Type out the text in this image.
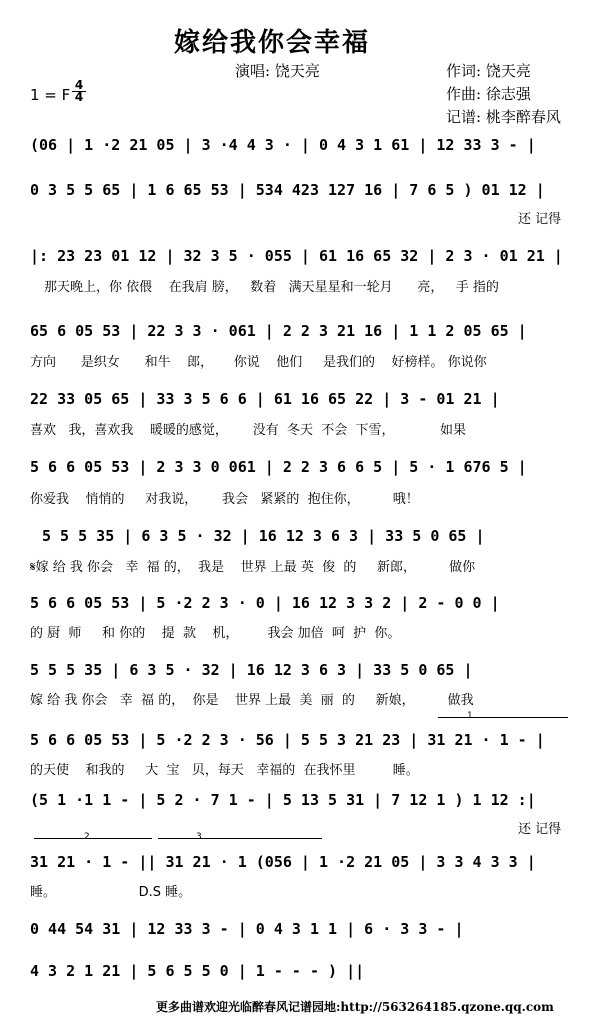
嫁给我你会幸福
演唱: 饶天亮	作词: 饶天亮
作曲: 徐志强
记谱: 桃李醉春风
1 = F $\frac{4}{4}$
(06 | 1 ·2 21 05 | 3 ·4 4 3 · | 0 4 3 1 61 | 12 33 3 - |
0 3 5 5 65 | 1 6 65 53 | 534 423 127 16 | 7 6 5 ) 01 12 |
还 记得
|: 23 23 01 12 | 32 3 5 · 055 | 61 16 65 32 | 2 3 · 01 21 |
那天晚上，你 依偎    在我肩 膀，   数着   满天星星和一轮月      亮，   手 指的
65 6 05 53 | 22 3 3 · 061 | 2 2 3 21 16 | 1 1 2 05 65 |
方向      是织女      和牛    郎，     你说    他们     是我们的    好榜样。 你说你
22 33 05 65 | 33 3 5 6 6 | 61 16 65 22 | 3 - 01 21 |
喜欢   我，喜欢我    暖暖的感觉，      没有  冬天  不会  下雪，           如果
5 6 6 05 53 | 2 3 3 0 061 | 2 2 3 6 6 5 | 5 · 1 676 5 |
你爱我    悄悄的     对我说，      我会   紧紧的  抱住你，        哦！
5 5 5 35 | 6 3 5 · 32 | 16 12 3 6 3 | 33 5 0 65 |
𝄋嫁 给 我 你会   幸  福 的，  我是    世界 上最 英  俊  的     新郎，        做你
5 6 6 05 53 | 5 ·2 2 3 · 0 | 16 12 3 3 2 | 2 - 0 0 |
的 厨  师     和 你的    提  款    机，       我会 加倍  呵  护  你。
5 5 5 35 | 6 3 5 · 32 | 16 12 3 6 3 | 33 5 0 65 |
嫁 给 我 你会   幸  福 的，  你是    世界 上最  美  丽  的     新娘，        做我
5 6 6 05 53 | 5 ·2 2 3 · 56 | 5 5 3 21 23 | 31 21 · 1 - |
的天使    和我的     大  宝   贝，每天   幸福的  在我怀里         睡。
1
(5 1 ·1 1 - | 5 2 · 7 1 - | 5 13 5 31 | 7 12 1 ) 1 12 :|
还 记得
31 21 · 1 - || 31 21 · 1 (056 | 1 ·2 21 05 | 3 3 4 3 3 |
睡。                    D.S 睡。
2	3
0 44 54 31 | 12 33 3 - | 0 4 3 1 1 | 6 · 3 3 - |
4 3 2 1 21 | 5 6 5 5 0 | 1 - - - ) ||
更多曲谱欢迎光临醉春风记谱园地:http://563264185.qzone.qq.com
